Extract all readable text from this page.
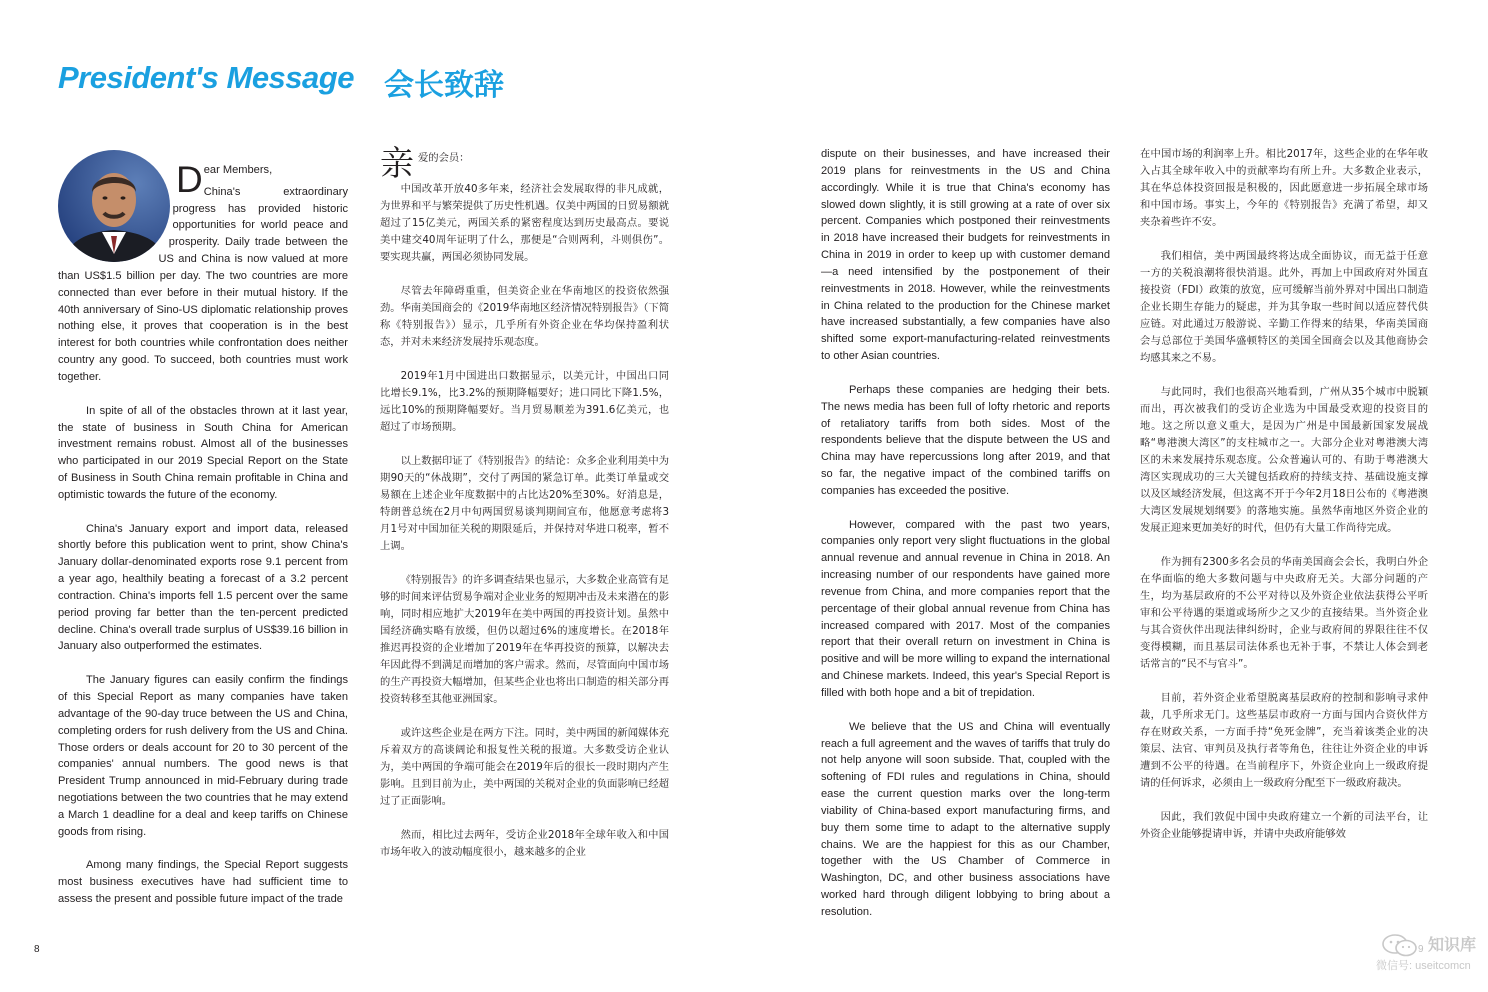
President's Message 会长致辞

Dear Members,

China's extraordinary progress has provided historic opportunities for world peace and prosperity. Daily trade between the US and China is now valued at more than US$1.5 billion per day. The two countries are more connected than ever before in their mutual history. If the 40th anniversary of Sino-US diplomatic relationship proves nothing else, it proves that cooperation is in the best interest for both countries while confrontation does neither country any good. To succeed, both countries must work together.

In spite of all of the obstacles thrown at it last year, the state of business in South China for American investment remains robust. Almost all of the businesses who participated in our 2019 Special Report on the State of Business in South China remain profitable in China and optimistic towards the future of the economy.

China's January export and import data, released shortly before this publication went to print, show China's January dollar-denominated exports rose 9.1 percent from a year ago, healthily beating a forecast of a 3.2 percent contraction. China's imports fell 1.5 percent over the same period proving far better than the ten-percent predicted decline. China's overall trade surplus of US$39.16 billion in January also outperformed the estimates.

The January figures can easily confirm the findings of this Special Report as many companies have taken advantage of the 90-day truce between the US and China, completing orders for rush delivery from the US and China. Those orders or deals account for 20 to 30 percent of the companies' annual numbers. The good news is that President Trump announced in mid-February during trade negotiations between the two countries that he may extend a March 1 deadline for a deal and keep tariffs on Chinese goods from rising.

Among many findings, the Special Report suggests most business executives have had sufficient time to assess the present and possible future impact of the trade

亲爱的会员：

中国改革开放40多年来，经济社会发展取得的非凡成就，为世界和平与繁荣提供了历史性机遇。仅美中两国的日贸易额就超过了15亿美元，两国关系的紧密程度达到历史最高点。要说美中建交40周年证明了什么，那便是“合则两利，斗则俱伤”。要实现共赢，两国必须协同发展。

尽管去年障碍重重，但美资企业在华南地区的投资依然强劲。华南美国商会的《2019华南地区经济情况特别报告》（下简称《特别报告》）显示，几乎所有外资企业在华均保持盈利状态，并对未来经济发展持乐观态度。

2019年1月中国进出口数据显示，以美元计，中国出口同比增长9.1%，比3.2%的预期降幅要好；进口同比下降1.5%，远比10%的预期降幅要好。当月贸易顺差为391.6亿美元，也超过了市场预期。

以上数据印证了《特别报告》的结论：众多企业利用美中为期90天的“休战期”，交付了两国的紧急订单。此类订单量或交易额在上述企业年度数据中的占比达20%至30%。好消息是，特朗普总统在2月中旬两国贸易谈判期间宣布，他愿意考虑将3月1号对中国加征关税的期限延后，并保持对华进口税率，暂不上调。

《特别报告》的许多调查结果也显示，大多数企业高管有足够的时间来评估贸易争端对企业业务的短期冲击及未来潜在的影响，同时相应地扩大2019年在美中两国的再投资计划。虽然中国经济确实略有放缓，但仍以超过6%的速度增长。在2018年推迟再投资的企业增加了2019年在华再投资的预算，以解决去年因此得不到满足而增加的客户需求。然而，尽管面向中国市场的生产再投资大幅增加，但某些企业也将出口制造的相关部分再投资转移至其他亚洲国家。

或许这些企业是在两方下注。同时，美中两国的新闻媒体充斥着双方的高谈阔论和报复性关税的报道。大多数受访企业认为，美中两国的争端可能会在2019年后的很长一段时期内产生影响。且到目前为止，美中两国的关税对企业的负面影响已经超过了正面影响。

然而，相比过去两年，受访企业2018年全球年收入和中国市场年收入的波动幅度很小，越来越多的企业

dispute on their businesses, and have increased their 2019 plans for reinvestments in the US and China accordingly. While it is true that China's economy has slowed down slightly, it is still growing at a rate of over six percent. Companies which postponed their reinvestments in 2018 have increased their budgets for reinvestments in China in 2019 in order to keep up with customer demand—a need intensified by the postponement of their reinvestments in 2018. However, while the reinvestments in China related to the production for the Chinese market have increased substantially, a few companies have also shifted some export-manufacturing-related reinvestments to other Asian countries.

Perhaps these companies are hedging their bets. The news media has been full of lofty rhetoric and reports of retaliatory tariffs from both sides. Most of the respondents believe that the dispute between the US and China may have repercussions long after 2019, and that so far, the negative impact of the combined tariffs on companies has exceeded the positive.

However, compared with the past two years, companies only report very slight fluctuations in the global annual revenue and annual revenue in China in 2018. An increasing number of our respondents have gained more revenue from China, and more companies report that the percentage of their global annual revenue from China has increased compared with 2017. Most of the companies report that their overall return on investment in China is positive and will be more willing to expand the international and Chinese markets. Indeed, this year's Special Report is filled with both hope and a bit of trepidation.

We believe that the US and China will eventually reach a full agreement and the waves of tariffs that truly do not help anyone will soon subside. That, coupled with the softening of FDI rules and regulations in China, should ease the current question marks over the long-term viability of China-based export manufacturing firms, and buy them some time to adapt to the alternative supply chains. We are the happiest for this as our Chamber, together with the US Chamber of Commerce in Washington, DC, and other business associations have worked hard through diligent lobbying to bring about a resolution.

在中国市场的利润率上升。相比2017年，这些企业的在华年收入占其全球年收入中的贡献率均有所上升。大多数企业表示，其在华总体投资回报是积极的，因此愿意进一步拓展全球市场和中国市场。事实上，今年的《特别报告》充满了希望，却又夹杂着些许不安。

我们相信，美中两国最终将达成全面协议，而无益于任意一方的关税浪潮将很快消退。此外，再加上中国政府对外国直接投资（FDI）政策的放宽，应可缓解当前外界对中国出口制造企业长期生存能力的疑虑，并为其争取一些时间以适应替代供应链。对此通过万般游说、辛勤工作得来的结果，华南美国商会与总部位于美国华盛顿特区的美国全国商会以及其他商协会均感其来之不易。

与此同时，我们也很高兴地看到，广州从35个城市中脱颖而出，再次被我们的受访企业选为中国最受欢迎的投资目的地。这之所以意义重大，是因为广州是中国最新国家发展战略“粤港澳大湾区”的支柱城市之一。大部分企业对粤港澳大湾区的未来发展持乐观态度。公众普遍认可的、有助于粤港澳大湾区实现成功的三大关键包括政府的持续支持、基础设施支撑以及区域经济发展，但这离不开于今年2月18日公布的《粤港澳大湾区发展规划纲要》的落地实施。虽然华南地区外资企业的发展正迎来更加美好的时代，但仍有大量工作尚待完成。

作为拥有2300多名会员的华南美国商会会长，我明白外企在华面临的绝大多数问题与中央政府无关。大部分问题的产生，均为基层政府的不公平对待以及外资企业依法获得公平听审和公平待遇的渠道或场所少之又少的直接结果。当外资企业与其合资伙伴出现法律纠纷时，企业与政府间的界限往往不仅变得模糊，而且基层司法体系也无补于事，不禁让人体会到老话常言的“民不与官斗”。

目前，若外资企业希望脱离基层政府的控制和影响寻求仲裁，几乎所求无门。这些基层市政府一方面与国内合资伙伴方存在财政关系，一方面手持“免死金牌”，充当着该类企业的决策层、法官、审判员及执行者等角色，往往让外资企业的申诉遭到不公平的待遇。在当前程序下，外资企业向上一级政府提请的任何诉求，必须由上一级政府分配至下一级政府裁决。

因此，我们敦促中国中央政府建立一个新的司法平台，让外资企业能够提请申诉，并请中央政府能够效

8	9 知识库
微信号: useitcomcn
